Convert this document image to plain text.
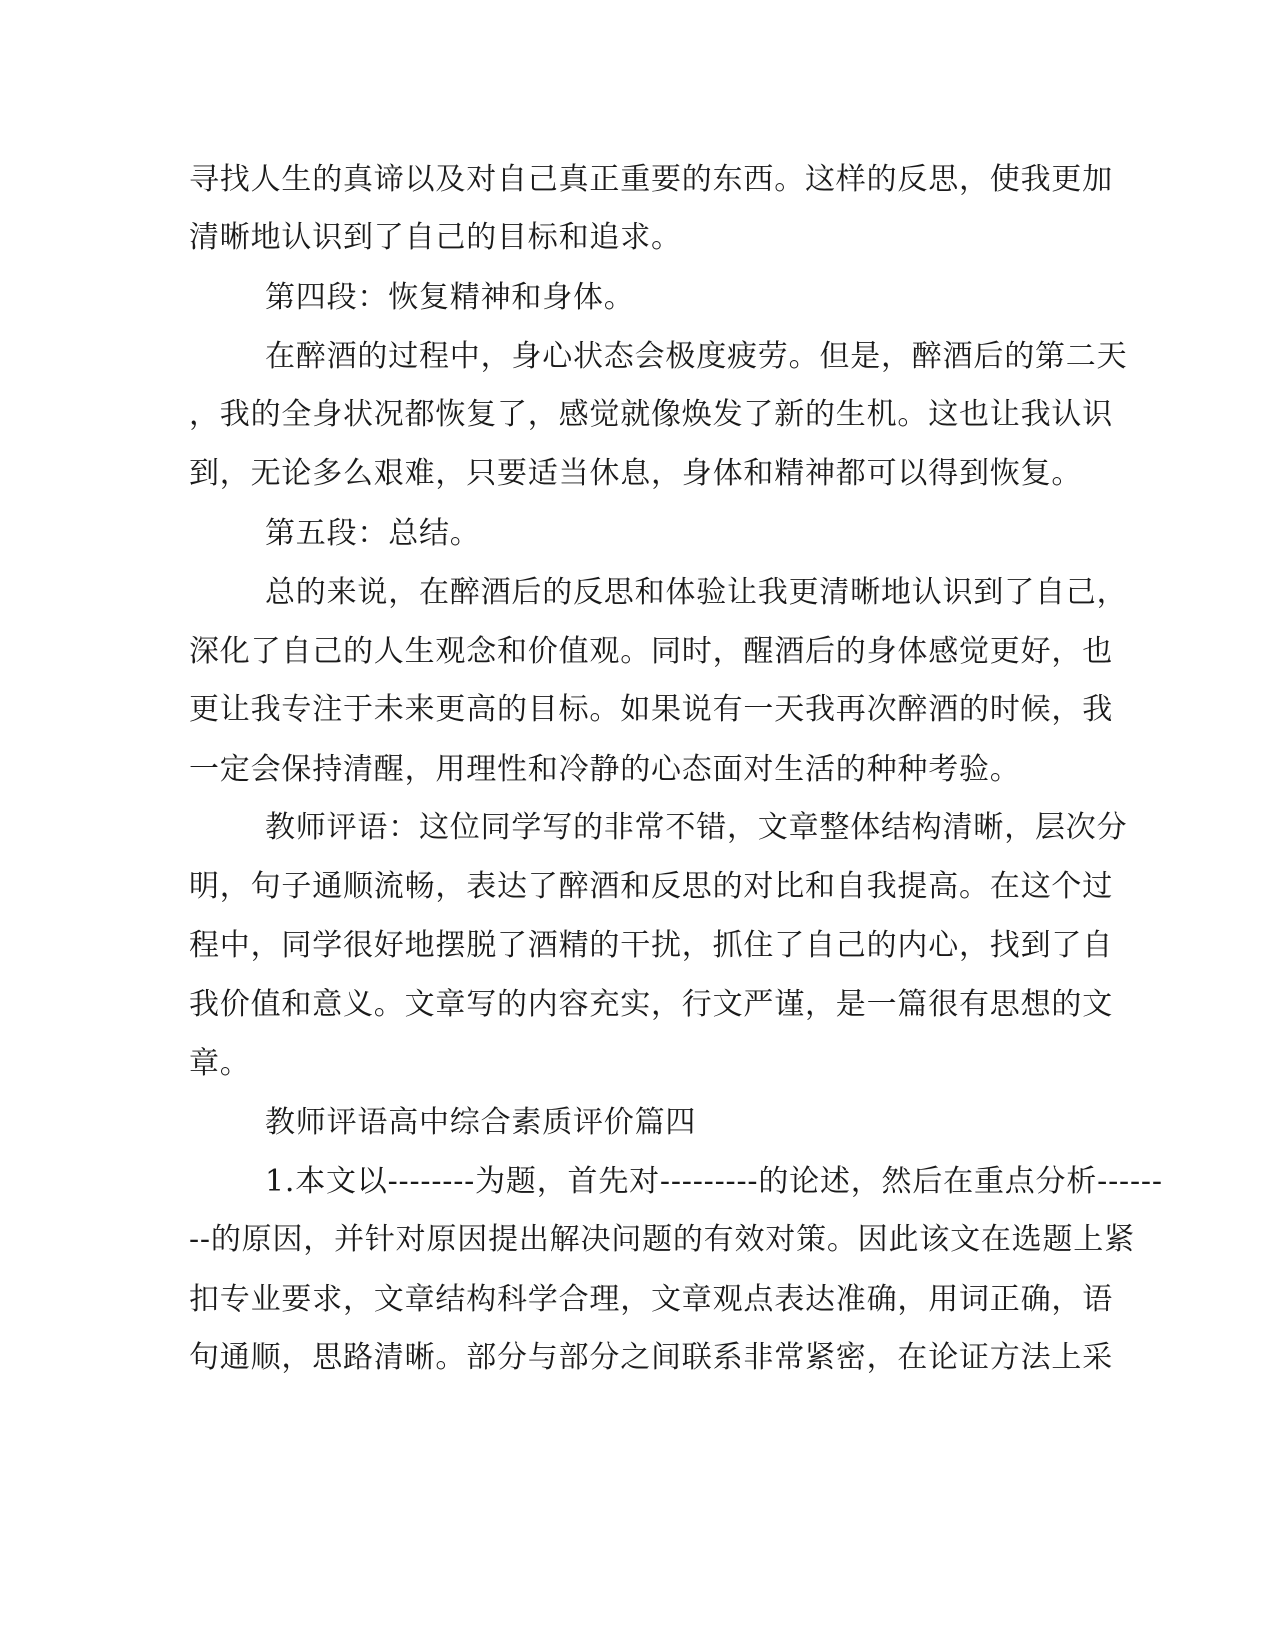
寻找人生的真谛以及对自己真正重要的东西。这样的反思，使我更加
清晰地认识到了自己的目标和追求。
第四段：恢复精神和身体。
在醉酒的过程中，身心状态会极度疲劳。但是，醉酒后的第二天
，我的全身状况都恢复了，感觉就像焕发了新的生机。这也让我认识
到，无论多么艰难，只要适当休息，身体和精神都可以得到恢复。
第五段：总结。
总的来说，在醉酒后的反思和体验让我更清晰地认识到了自己，
深化了自己的人生观念和价值观。同时，醒酒后的身体感觉更好，也
更让我专注于未来更高的目标。如果说有一天我再次醉酒的时候，我
一定会保持清醒，用理性和冷静的心态面对生活的种种考验。
教师评语：这位同学写的非常不错，文章整体结构清晰，层次分
明，句子通顺流畅，表达了醉酒和反思的对比和自我提高。在这个过
程中，同学很好地摆脱了酒精的干扰，抓住了自己的内心，找到了自
我价值和意义。文章写的内容充实，行文严谨，是一篇很有思想的文
章。
教师评语高中综合素质评价篇四
1.本文以--------为题，首先对---------的论述，然后在重点分析------
--的原因，并针对原因提出解决问题的有效对策。因此该文在选题上紧
扣专业要求，文章结构科学合理，文章观点表达准确，用词正确，语
句通顺，思路清晰。部分与部分之间联系非常紧密，在论证方法上采
